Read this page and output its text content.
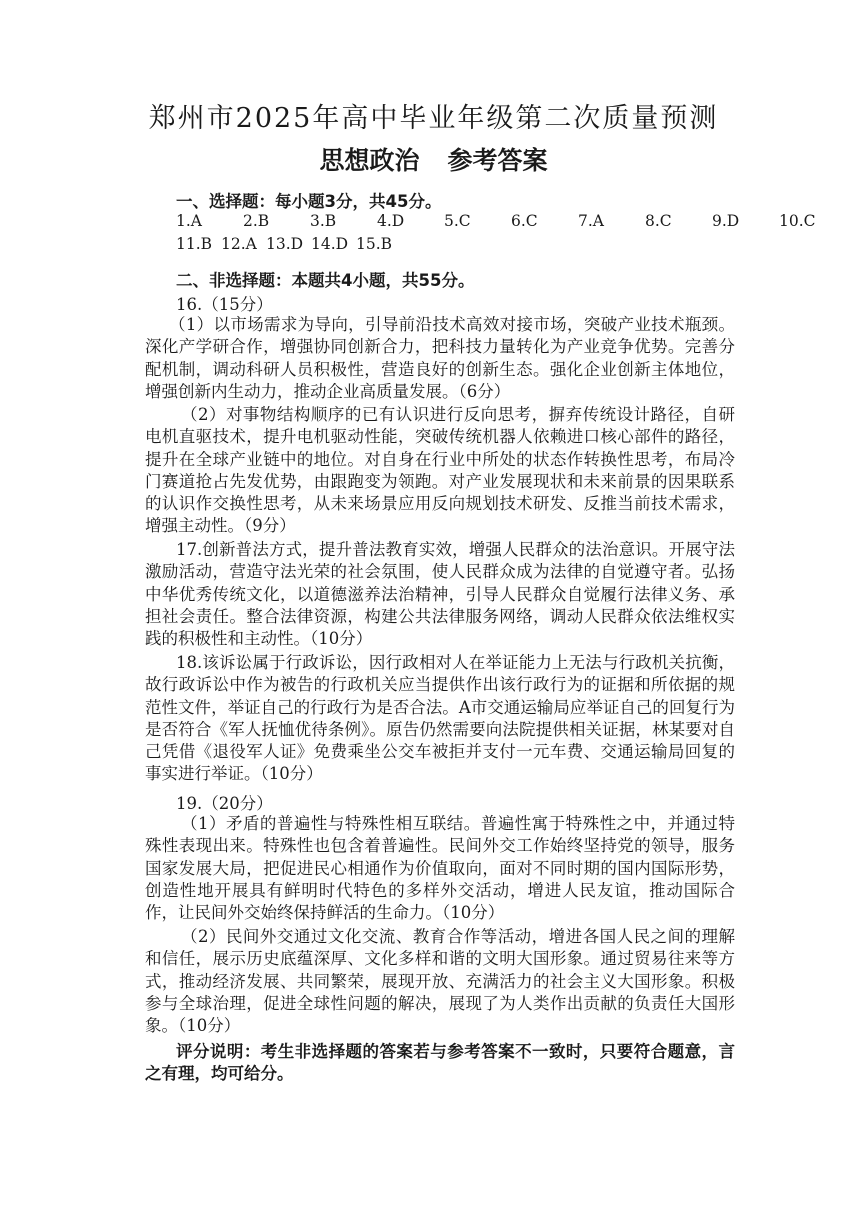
郑州市2025年高中毕业年级第二次质量预测
思想政治 参考答案
一、选择题：每小题3分，共45分。
1.A	2.B	3.B	4.D	5.C	6.C	7.A	8.C	9.D	10.C
11.B 12.A 13.D 14.D 15.B
二、非选择题：本题共4小题，共55分。
16.（15分）

（1）以市场需求为导向，引导前沿技术高效对接市场，突破产业技术瓶颈。深化产学研合作，增强协同创新合力，把科技力量转化为产业竞争优势。完善分配机制，调动科研人员积极性，营造良好的创新生态。强化企业创新主体地位，增强创新内生动力，推动企业高质量发展。（6分）

（2）对事物结构顺序的已有认识进行反向思考，摒弃传统设计路径，自研电机直驱技术，提升电机驱动性能，突破传统机器人依赖进口核心部件的路径，提升在全球产业链中的地位。对自身在行业中所处的状态作转换性思考，布局冷门赛道抢占先发优势，由跟跑变为领跑。对产业发展现状和未来前景的因果联系的认识作交换性思考，从未来场景应用反向规划技术研发、反推当前技术需求，增强主动性。（9分）

17.创新普法方式，提升普法教育实效，增强人民群众的法治意识。开展守法激励活动，营造守法光荣的社会氛围，使人民群众成为法律的自觉遵守者。弘扬中华优秀传统文化，以道德滋养法治精神，引导人民群众自觉履行法律义务、承担社会责任。整合法律资源，构建公共法律服务网络，调动人民群众依法维权实践的积极性和主动性。（10分）

18.该诉讼属于行政诉讼，因行政相对人在举证能力上无法与行政机关抗衡，故行政诉讼中作为被告的行政机关应当提供作出该行政行为的证据和所依据的规范性文件，举证自己的行政行为是否合法。A市交通运输局应举证自己的回复行为是否符合《军人抚恤优待条例》。原告仍然需要向法院提供相关证据，林某要对自己凭借《退役军人证》免费乘坐公交车被拒并支付一元车费、交通运输局回复的事实进行举证。（10分）

19.（20分）

（1）矛盾的普遍性与特殊性相互联结。普遍性寓于特殊性之中，并通过特殊性表现出来。特殊性也包含着普遍性。民间外交工作始终坚持党的领导，服务国家发展大局，把促进民心相通作为价值取向，面对不同时期的国内国际形势，创造性地开展具有鲜明时代特色的多样外交活动，增进人民友谊，推动国际合作，让民间外交始终保持鲜活的生命力。（10分）

（2）民间外交通过文化交流、教育合作等活动，增进各国人民之间的理解和信任，展示历史底蕴深厚、文化多样和谐的文明大国形象。通过贸易往来等方式，推动经济发展、共同繁荣，展现开放、充满活力的社会主义大国形象。积极参与全球治理，促进全球性问题的解决，展现了为人类作出贡献的负责任大国形象。（10分）

评分说明：考生非选择题的答案若与参考答案不一致时，只要符合题意，言之有理，均可给分。
